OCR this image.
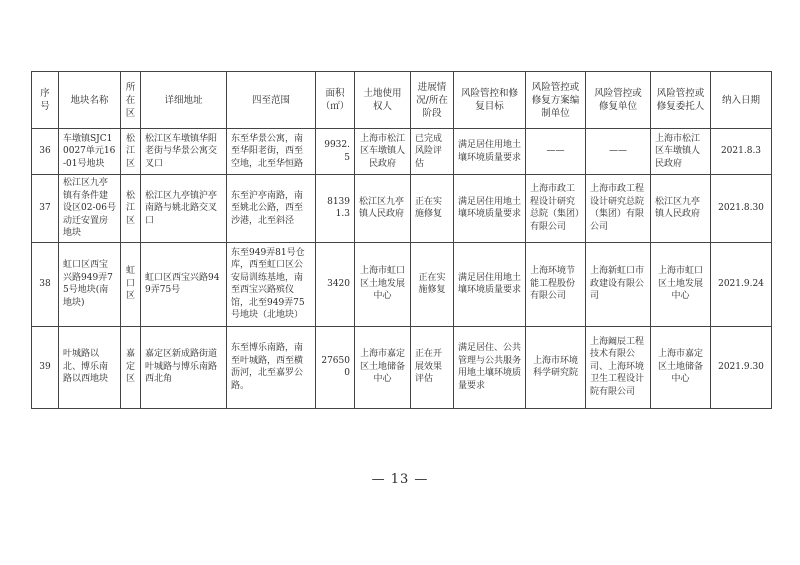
序号	地块名称	所在区	详细地址	四至范围	面积（㎡）	土地使用权人	进展情况/所在阶段	风险管控和修复目标	风险管控或修复方案编制单位	风险管控或修复单位	风险管控或修复委托人	纳入日期
36	车墩镇SJC10027单元16-01号地块	松江区	松江区车墩镇华阳老街与华景公寓交叉口	东至华景公寓，南至华阳老街，西至空地，北至华恒路	9932.5	上海市松江区车墩镇人民政府	已完成风险评估	满足居住用地土壤环境质量要求	——	——	上海市松江区车墩镇人民政府	2021.8.3
37	松江区九亭镇有条件建设区02-06号动迁安置房地块	松江区	松江区九亭镇沪亭南路与姚北路交叉口	东至沪亭南路，南至姚北公路，西至沙港，北至斜泾	81391.3	松江区九亭镇人民政府	正在实施修复	满足居住用地土壤环境质量要求	上海市政工程设计研究总院（集团）有限公司	上海市政工程设计研究总院（集团）有限公司	松江区九亭镇人民政府	2021.8.30
38	虹口区西宝兴路949弄75号地块(南地块)	虹口区	虹口区西宝兴路949弄75号	东至949弄81号仓库，西至虹口区公安局训练基地，南至西宝兴路殡仪馆，北至949弄75号地块（北地块）	3420	上海市虹口区土地发展中心	正在实施修复	满足居住用地土壤环境质量要求	上海环境节能工程股份有限公司	上海新虹口市政建设有限公司	上海市虹口区土地发展中心	2021.9.24
39	叶城路以北、博乐南路以西地块	嘉定区	嘉定区新成路街道叶城路与博乐南路西北角	东至博乐南路，南至叶城路，西至横沥河，北至嘉罗公路。	276500	上海市嘉定区土地储备中心	正在开展效果评估	满足居住、公共管理与公共服务用地土壤环境质量要求	上海市环境科学研究院	上海阚辰工程技术有限公司、上海环境卫生工程设计院有限公司	上海市嘉定区土地储备中心	2021.9.30
— 13 —
